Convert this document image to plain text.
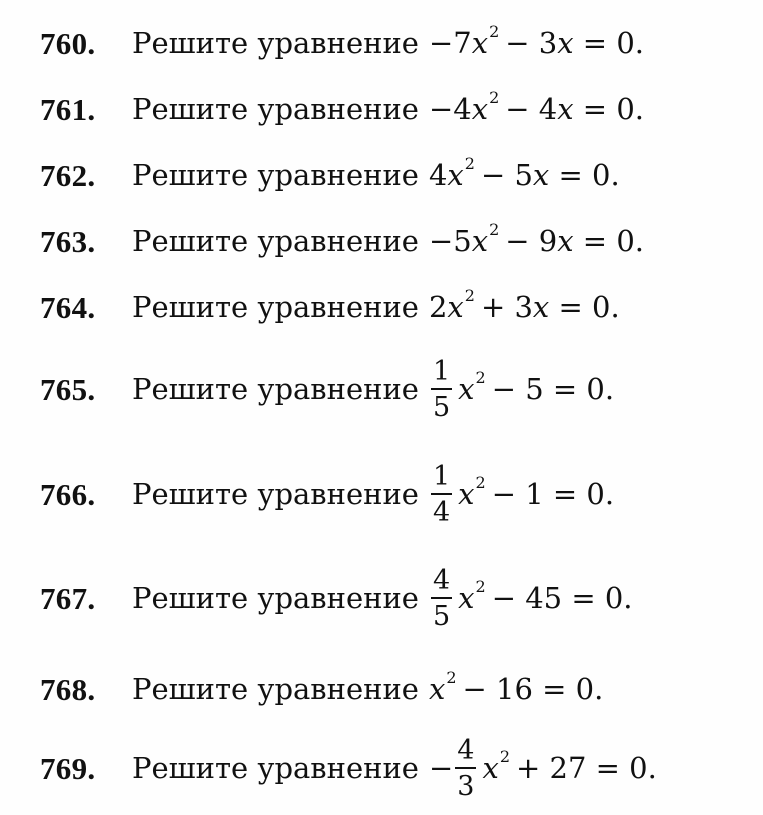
760.	Решите уравнение −7 $x^2 - 3x = 0$.
761.	Решите уравнение −4 $x^2 - 4x = 0$.
762.	Решите уравнение 4 $x^2 - 5x = 0$.
763.	Решите уравнение −5 $x^2 - 9x = 0$.
764.	Решите уравнение 2 $x^2 + 3x = 0$.
765.	Решите уравнение $\frac{1}{5} x^2 - 5 = 0$.
766.	Решите уравнение $\frac{1}{4} x^2 - 1 = 0$.
767.	Решите уравнение $\frac{4}{5} x^2 - 45 = 0$.
768.	Решите уравнение $x^2 - 16 = 0$.
769.	Решите уравнение − $\frac{4}{3} x^2 + 27 = 0$.
